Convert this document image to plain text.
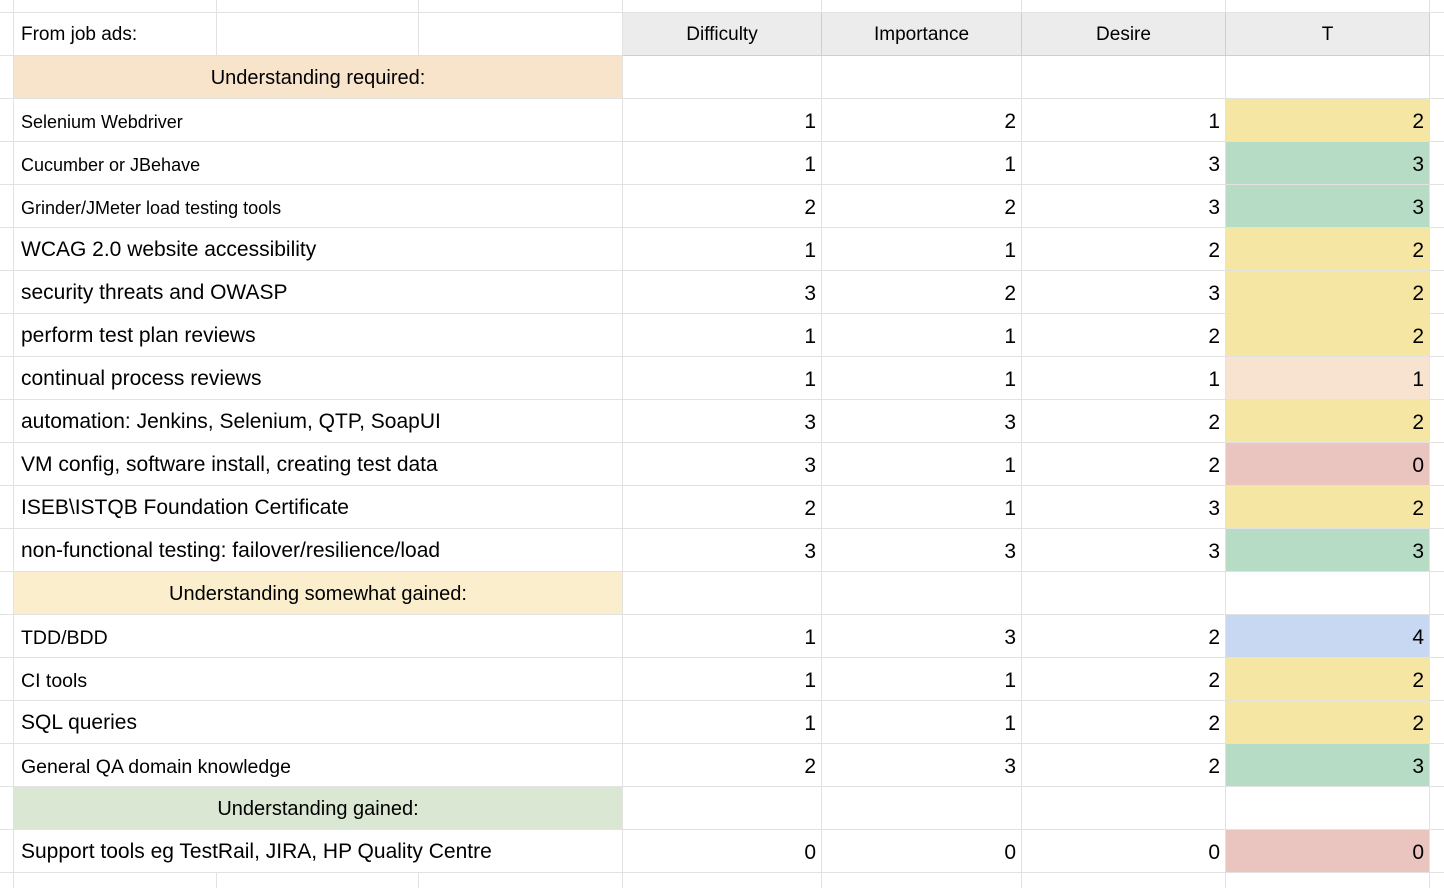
From job ads:	Difficulty	Importance	Desire	T
Understanding required:
Selenium Webdriver	1	2	1	2
Cucumber or JBehave	1	1	3	3
Grinder/JMeter load testing tools	2	2	3	3
WCAG 2.0 website accessibility	1	1	2	2
security threats and OWASP	3	2	3	2
perform test plan reviews	1	1	2	2
continual process reviews	1	1	1	1
automation: Jenkins, Selenium, QTP, SoapUI	3	3	2	2
VM config, software install, creating test data	3	1	2	0
ISEB\ISTQB Foundation Certificate	2	1	3	2
non-functional testing: failover/resilience/load	3	3	3	3
Understanding somewhat gained:
TDD/BDD	1	3	2	4
CI tools	1	1	2	2
SQL queries	1	1	2	2
General QA domain knowledge	2	3	2	3
Understanding gained:
Support tools eg TestRail, JIRA, HP Quality Centre	0	0	0	0
